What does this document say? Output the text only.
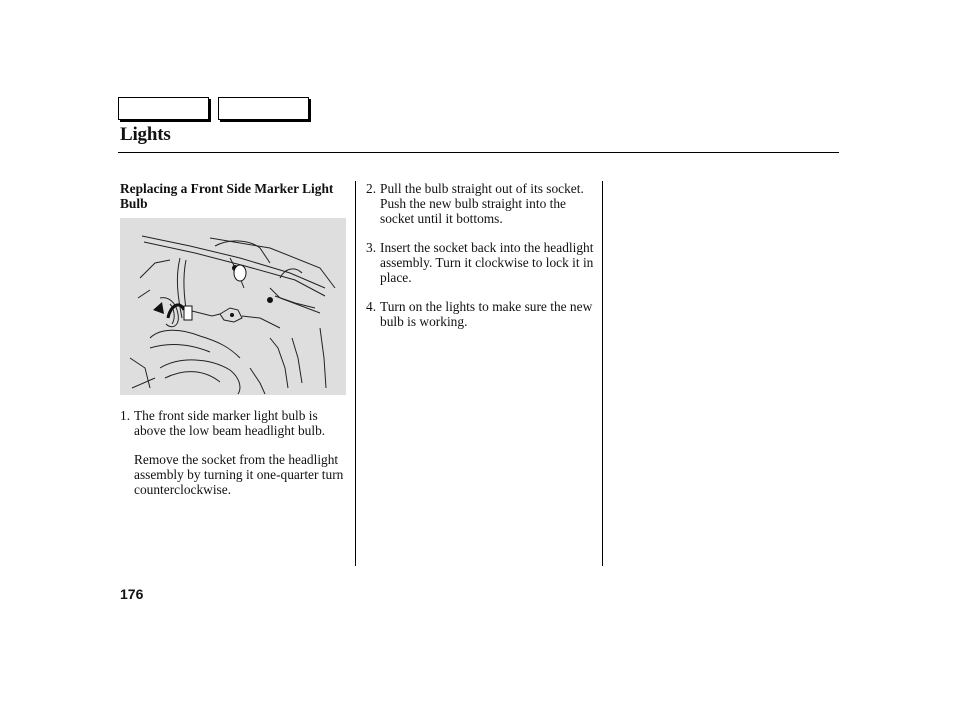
Lights
Replacing a Front Side Marker Light Bulb
1. The front side marker light bulb is above the low beam headlight bulb.

Remove the socket from the headlight assembly by turning it one-quarter turn counterclockwise.

2. Pull the bulb straight out of its socket. Push the new bulb straight into the socket until it bottoms.
3. Insert the socket back into the headlight assembly. Turn it clockwise to lock it in place.
4. Turn on the lights to make sure the new bulb is working.
176
